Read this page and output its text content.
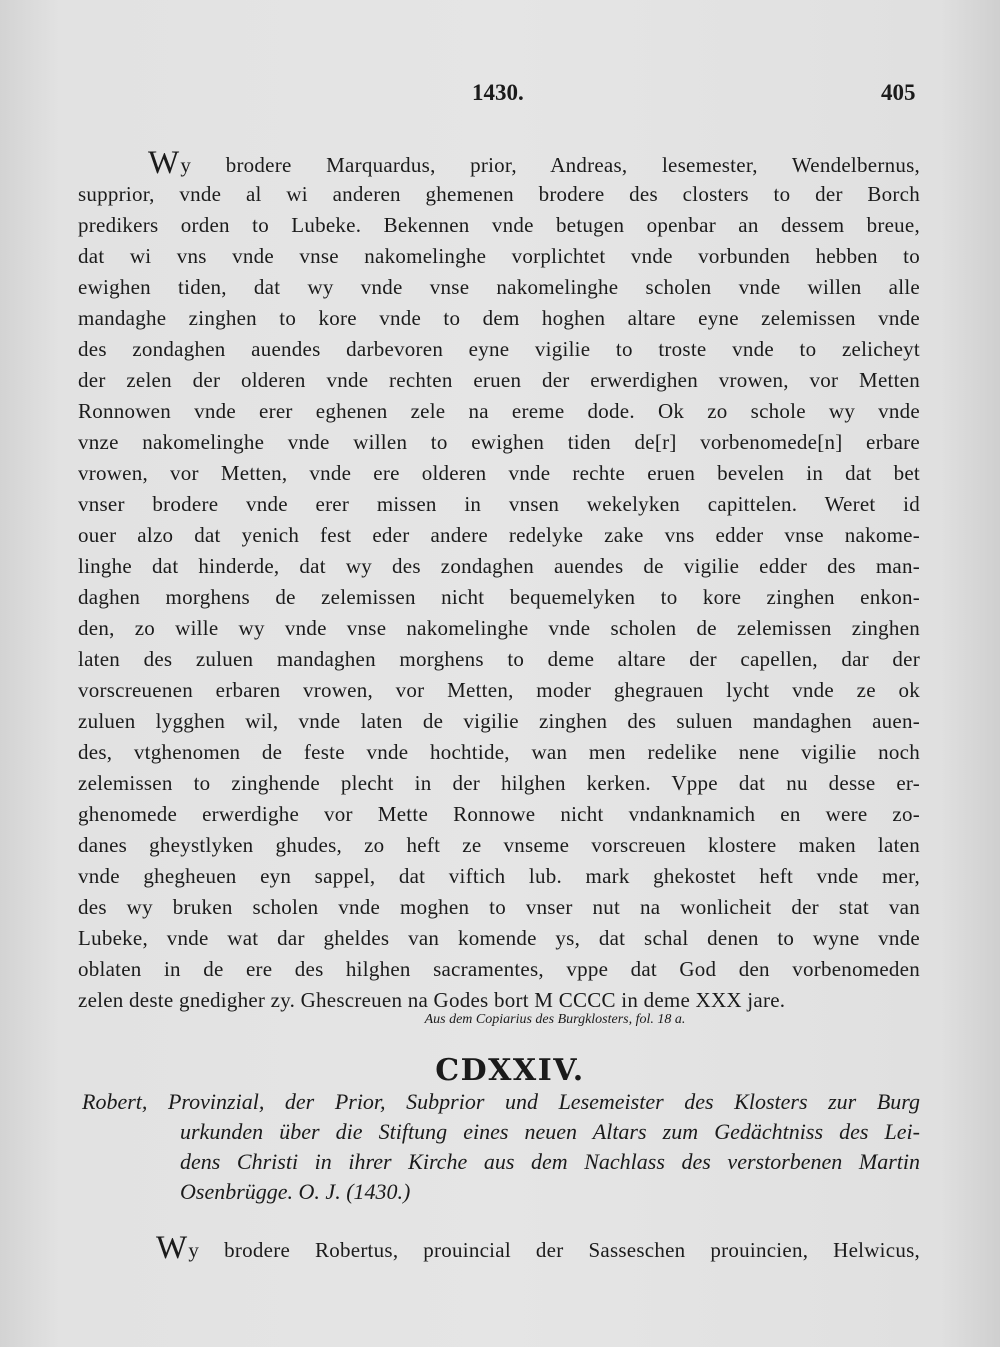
1430.	405
Wy brodere Marquardus, prior, Andreas, lesemester, Wendelbernus,
supprior, vnde al wi anderen ghemenen brodere des closters to der Borch
predikers orden to Lubeke. Bekennen vnde betugen openbar an dessem breue,
dat wi vns vnde vnse nakomelinghe vorplichtet vnde vorbunden hebben to
ewighen tiden, dat wy vnde vnse nakomelinghe scholen vnde willen alle
mandaghe zinghen to kore vnde to dem hoghen altare eyne zelemissen vnde
des zondaghen auendes darbevoren eyne vigilie to troste vnde to zelicheyt
der zelen der olderen vnde rechten eruen der erwerdighen vrowen, vor Metten
Ronnowen vnde erer eghenen zele na ereme dode. Ok zo schole wy vnde
vnze nakomelinghe vnde willen to ewighen tiden de[r] vorbenomede[n] erbare
vrowen, vor Metten, vnde ere olderen vnde rechte eruen bevelen in dat bet
vnser brodere vnde erer missen in vnsen wekelyken capittelen. Weret id
ouer alzo dat yenich fest eder andere redelyke zake vns edder vnse nakome-
linghe dat hinderde, dat wy des zondaghen auendes de vigilie edder des man-
daghen morghens de zelemissen nicht bequemelyken to kore zinghen enkon-
den, zo wille wy vnde vnse nakomelinghe vnde scholen de zelemissen zinghen
laten des zuluen mandaghen morghens to deme altare der capellen, dar der
vorscreuenen erbaren vrowen, vor Metten, moder ghegrauen lycht vnde ze ok
zuluen lygghen wil, vnde laten de vigilie zinghen des suluen mandaghen auen-
des, vtghenomen de feste vnde hochtide, wan men redelike nene vigilie noch
zelemissen to zinghende plecht in der hilghen kerken. Vppe dat nu desse er-
ghenomede erwerdighe vor Mette Ronnowe nicht vndanknamich en were zo-
danes gheystlyken ghudes, zo heft ze vnseme vorscreuen klostere maken laten
vnde ghegheuen eyn sappel, dat viftich lub. mark ghekostet heft vnde mer,
des wy bruken scholen vnde moghen to vnser nut na wonlicheit der stat van
Lubeke, vnde wat dar gheldes van komende ys, dat schal denen to wyne vnde
oblaten in de ere des hilghen sacramentes, vppe dat God den vorbenomeden
zelen deste gnedigher zy. Ghescreuen na Godes bort M CCCC in deme XXX jare.
Aus dem Copiarius des Burgklosters, fol. 18 a.
CDXXIV.
Robert, Provinzial, der Prior, Subprior und Lesemeister des Klosters zur Burg
urkunden über die Stiftung eines neuen Altars zum Gedächtniss des Lei-
dens Christi in ihrer Kirche aus dem Nachlass des verstorbenen Martin
Osenbrügge. O. J. (1430.)
Wy brodere Robertus, prouincial der Sasseschen prouincien, Helwicus,
